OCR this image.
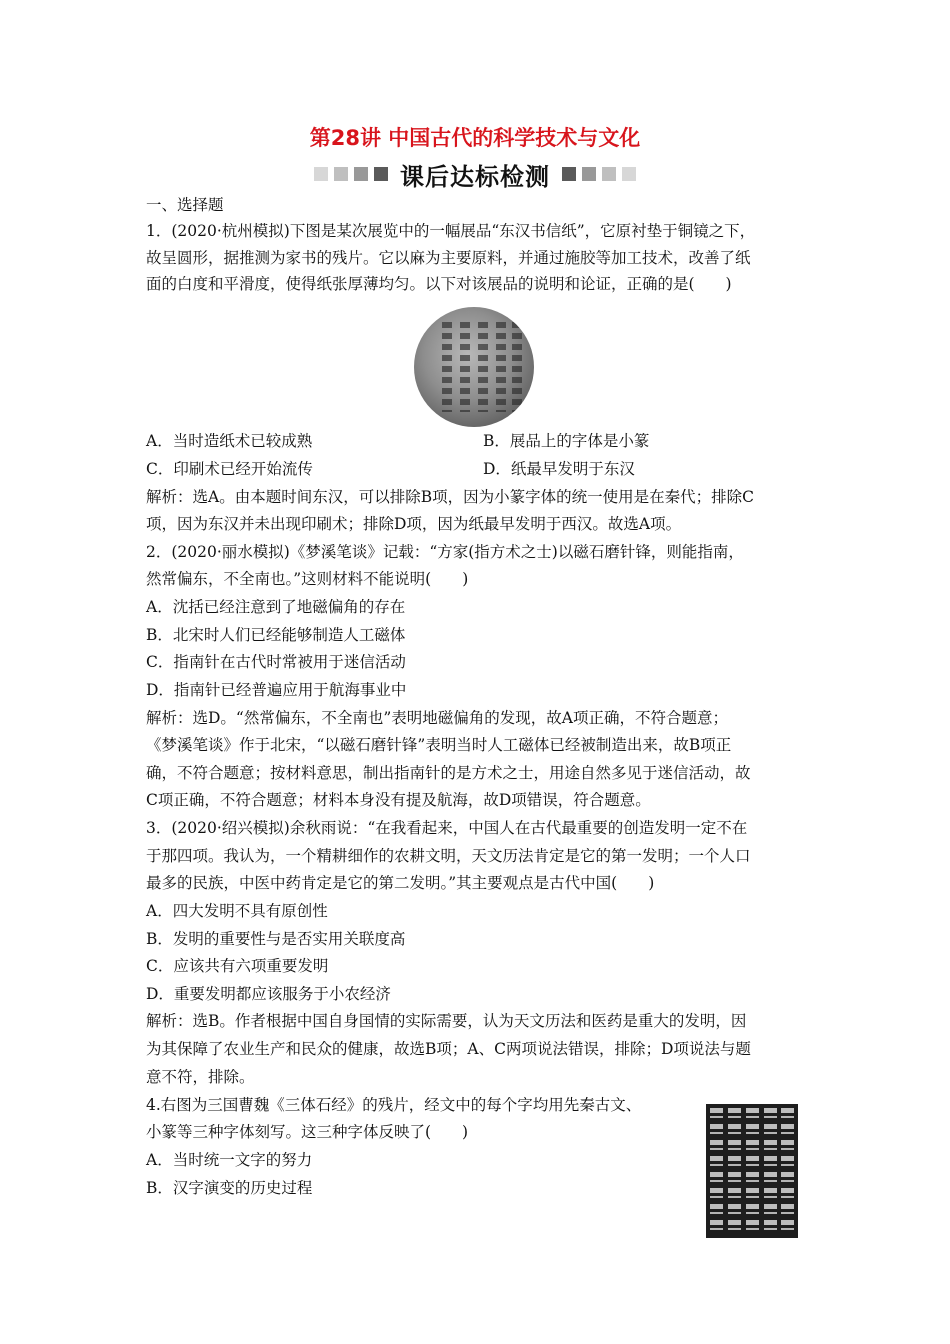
第28讲 中国古代的科学技术与文化
课后达标检测
一、选择题
1．(2020·杭州模拟)下图是某次展览中的一幅展品“东汉书信纸”，它原衬垫于铜镜之下，
故呈圆形，据推测为家书的残片。它以麻为主要原料，并通过施胶等加工技术，改善了纸
面的白度和平滑度，使得纸张厚薄均匀。以下对该展品的说明和论证，正确的是(　　)
A．当时造纸术已较成熟	B．展品上的字体是小篆
C．印刷术已经开始流传	D．纸最早发明于东汉
解析：选A。由本题时间东汉，可以排除B项，因为小篆字体的统一使用是在秦代；排除C
项，因为东汉并未出现印刷术；排除D项，因为纸最早发明于西汉。故选A项。
2．(2020·丽水模拟)《梦溪笔谈》记载：“方家(指方术之士)以磁石磨针锋，则能指南，
然常偏东，不全南也。”这则材料不能说明(　　)
A．沈括已经注意到了地磁偏角的存在
B．北宋时人们已经能够制造人工磁体
C．指南针在古代时常被用于迷信活动
D．指南针已经普遍应用于航海事业中
解析：选D。“然常偏东，不全南也”表明地磁偏角的发现，故A项正确，不符合题意；
《梦溪笔谈》作于北宋，“以磁石磨针锋”表明当时人工磁体已经被制造出来，故B项正
确，不符合题意；按材料意思，制出指南针的是方术之士，用途自然多见于迷信活动，故
C项正确，不符合题意；材料本身没有提及航海，故D项错误，符合题意。
3．(2020·绍兴模拟)余秋雨说：“在我看起来，中国人在古代最重要的创造发明一定不在
于那四项。我认为，一个精耕细作的农耕文明，天文历法肯定是它的第一发明；一个人口
最多的民族，中医中药肯定是它的第二发明。”其主要观点是古代中国(　　)
A．四大发明不具有原创性
B．发明的重要性与是否实用关联度高
C．应该共有六项重要发明
D．重要发明都应该服务于小农经济
解析：选B。作者根据中国自身国情的实际需要，认为天文历法和医药是重大的发明，因
为其保障了农业生产和民众的健康，故选B项；A、C两项说法错误，排除；D项说法与题
意不符，排除。
4.右图为三国曹魏《三体石经》的残片，经文中的每个字均用先秦古文、
小篆等三种字体刻写。这三种字体反映了(　　)
A．当时统一文字的努力
B．汉字演变的历史过程
